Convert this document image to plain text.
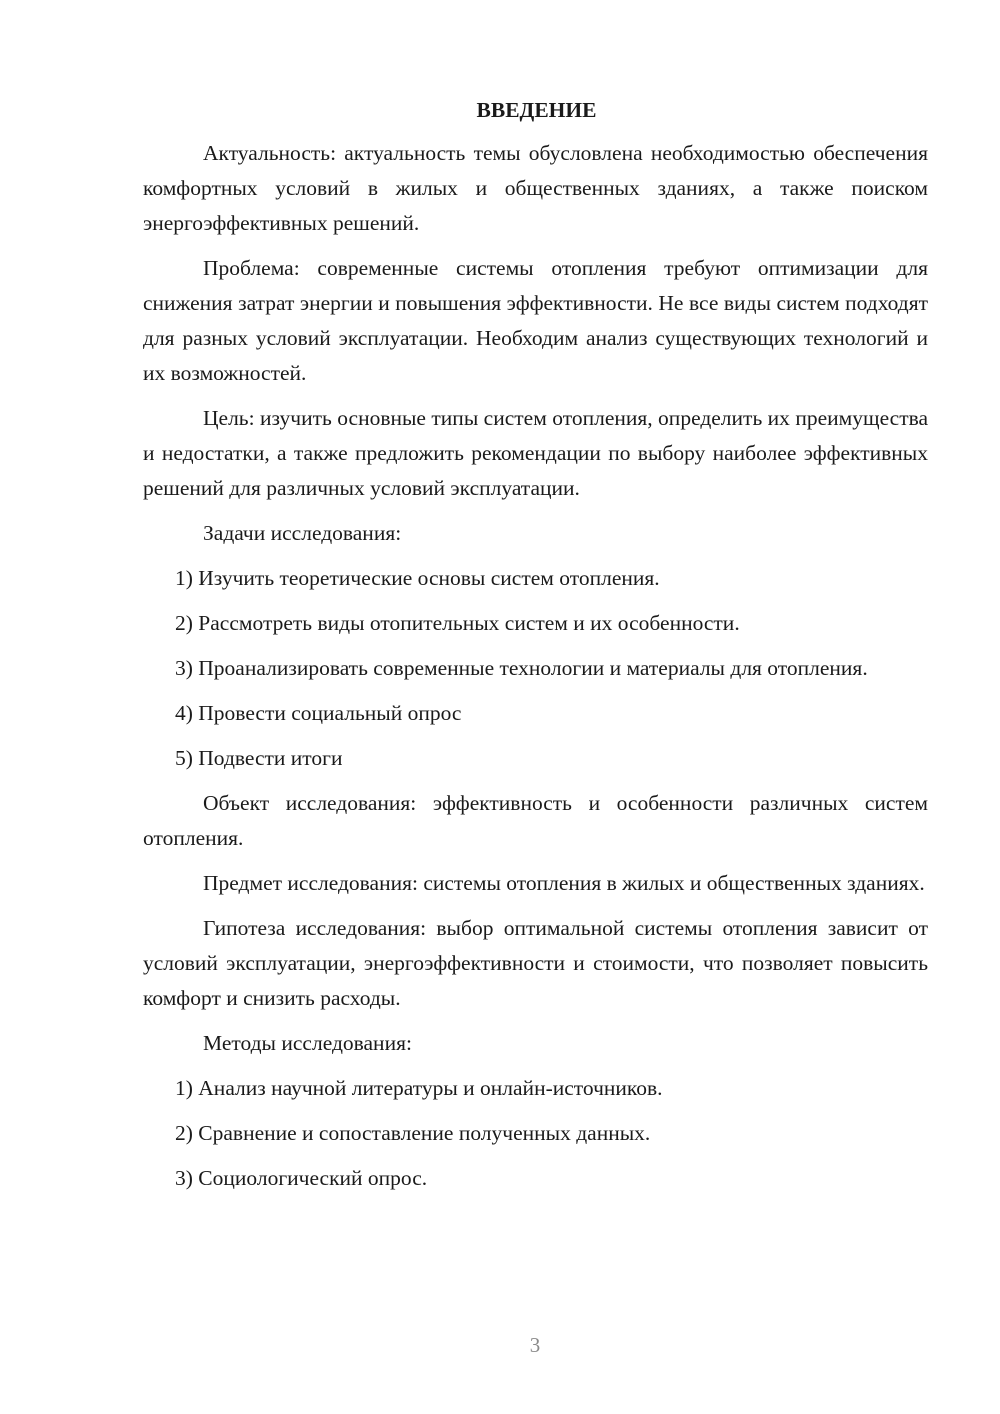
ВВЕДЕНИЕ

Актуальность: актуальность темы обусловлена необходимостью обеспечения комфортных условий в жилых и общественных зданиях, а также поиском энергоэффективных решений.

Проблема: современные системы отопления требуют оптимизации для снижения затрат энергии и повышения эффективности. Не все виды систем подходят для разных условий эксплуатации. Необходим анализ существующих технологий и их возможностей.

Цель: изучить основные типы систем отопления, определить их преимущества и недостатки, а также предложить рекомендации по выбору наиболее эффективных решений для различных условий эксплуатации.

Задачи исследования:

1) Изучить теоретические основы систем отопления.

2) Рассмотреть виды отопительных систем и их особенности.

3) Проанализировать современные технологии и материалы для отопления.

4) Провести социальный опрос

5) Подвести итоги

Объект исследования: эффективность и особенности различных систем отопления.

Предмет исследования: системы отопления в жилых и общественных зданиях.

Гипотеза исследования: выбор оптимальной системы отопления зависит от условий эксплуатации, энергоэффективности и стоимости, что позволяет повысить комфорт и снизить расходы.

Методы исследования:

1) Анализ научной литературы и онлайн-источников.

2) Сравнение и сопоставление полученных данных.

3) Социологический опрос.

3
